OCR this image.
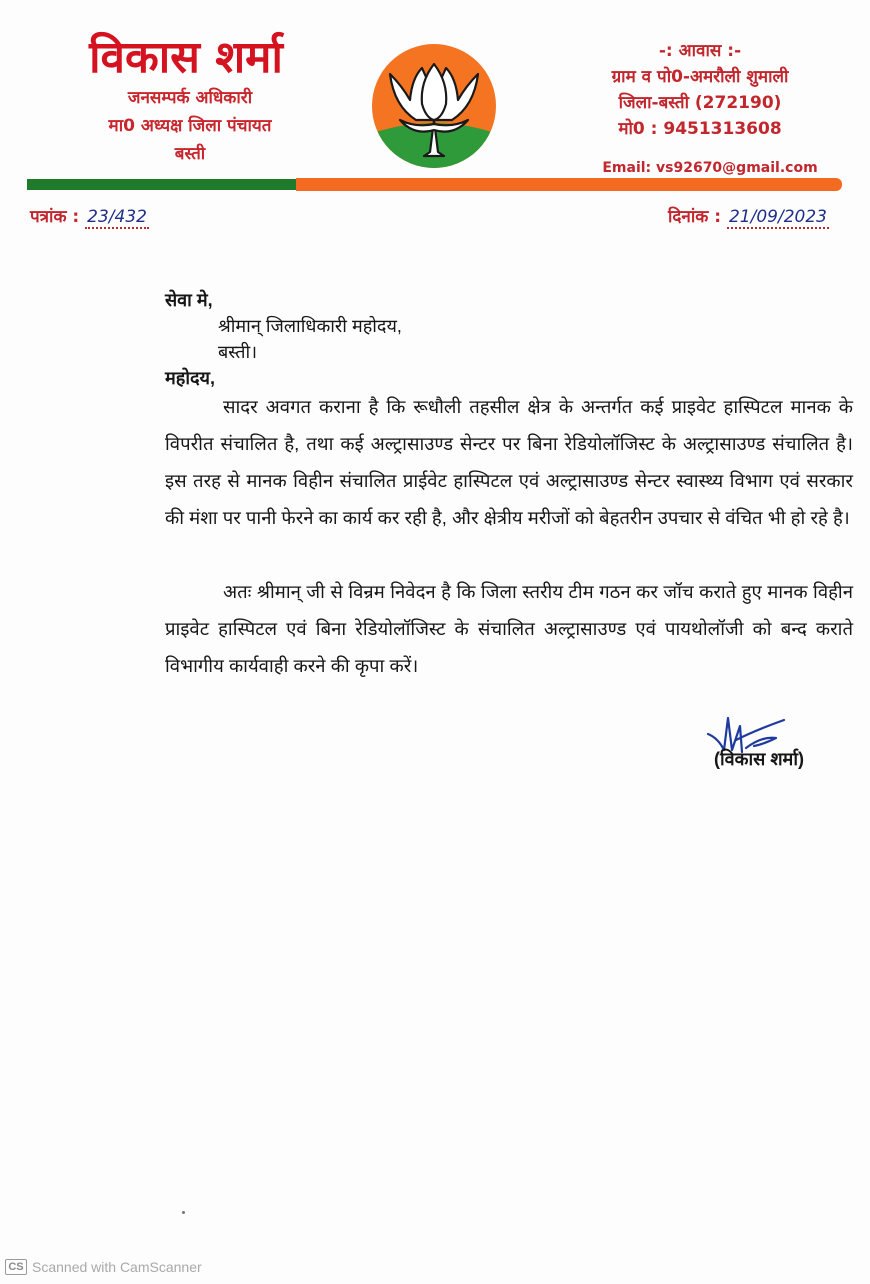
विकास शर्मा
जनसम्पर्क अधिकारी
मा0 अध्यक्ष जिला पंचायत
बस्ती
-: आवास :-
ग्राम व पो0-अमरौली शुमाली
जिला-बस्ती (272190)
मो0 : 9451313608
Email: vs92670@gmail.com
पत्रांक : 23/432	दिनांक : 21/09/2023
सेवा मे,
श्रीमान् जिलाधिकारी महोदय,
बस्ती।
महोदय,
सादर अवगत कराना है कि रूधौली तहसील क्षेत्र के अन्तर्गत कई प्राइवेट हास्पिटल मानक के विपरीत संचालित है, तथा कई अल्ट्रासाउण्ड सेन्टर पर बिना रेडियोलॉजिस्ट के अल्ट्रासाउण्ड संचालित है। इस तरह से मानक विहीन संचालित प्राईवेट हास्पिटल एवं अल्ट्रासाउण्ड सेन्टर स्वास्थ्य विभाग एवं सरकार की मंशा पर पानी फेरने का कार्य कर रही है, और क्षेत्रीय मरीजों को बेहतरीन उपचार से वंचित भी हो रहे है।
अतः श्रीमान् जी से विन्रम निवेदन है कि जिला स्तरीय टीम गठन कर जॉच कराते हुए मानक विहीन प्राइवेट हास्पिटल एवं बिना रेडियोलॉजिस्ट के संचालित अल्ट्रासाउण्ड एवं पायथोलॉजी को बन्द कराते विभागीय कार्यवाही करने की कृपा करें।
(विकास शर्मा)
CS Scanned with CamScanner
